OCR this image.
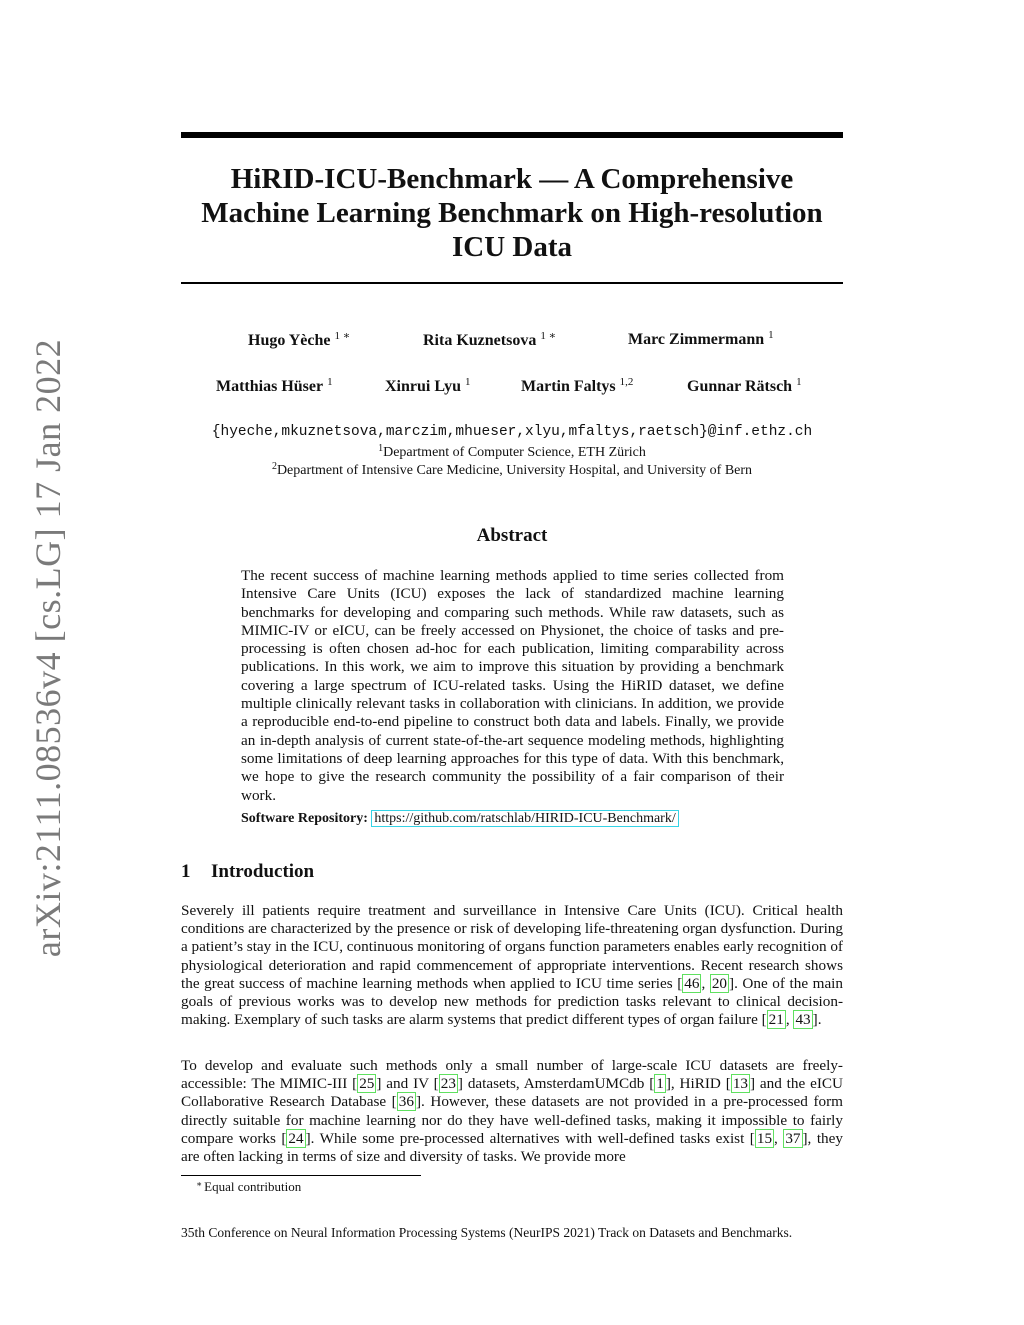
arXiv:2111.08536v4 [cs.LG] 17 Jan 2022
HiRID-ICU-Benchmark — A Comprehensive
Machine Learning Benchmark on High-resolution
ICU Data
Hugo Yèche $^{1 ∗}$	Rita Kuznetsova $^{1 ∗}$	Marc Zimmermann $^1$
Matthias Hüser $^1$	Xinrui Lyu $^1$	Martin Faltys $^{1,2}$	Gunnar Rätsch $^1$
{hyeche,mkuznetsova,marczim,mhueser,xlyu,mfaltys,raetsch}@inf.ethz.ch
$^1$Department of Computer Science, ETH Zürich
$^2$Department of Intensive Care Medicine, University Hospital, and University of Bern
Abstract
The recent success of machine learning methods applied to time series collected from Intensive Care Units (ICU) exposes the lack of standardized machine learning benchmarks for developing and comparing such methods. While raw datasets, such as MIMIC-IV or eICU, can be freely accessed on Physionet, the choice of tasks and pre-processing is often chosen ad-hoc for each publication, limiting comparability across publications. In this work, we aim to improve this situation by providing a benchmark covering a large spectrum of ICU-related tasks. Using the HiRID dataset, we define multiple clinically relevant tasks in collaboration with clinicians. In addition, we provide a reproducible end-to-end pipeline to construct both data and labels. Finally, we provide an in-depth analysis of current state-of-the-art sequence modeling methods, highlighting some limitations of deep learning approaches for this type of data. With this benchmark, we hope to give the research community the possibility of a fair comparison of their work.
Software Repository: https://github.com/ratschlab/HIRID-ICU-Benchmark/
1 Introduction
Severely ill patients require treatment and surveillance in Intensive Care Units (ICU). Critical health conditions are characterized by the presence or risk of developing life-threatening organ dysfunction. During a patient’s stay in the ICU, continuous monitoring of organs function parameters enables early recognition of physiological deterioration and rapid commencement of appropriate interventions. Recent research shows the great success of machine learning methods when applied to ICU time series [ 46 , 20 ]. One of the main goals of previous works was to develop new methods for prediction tasks relevant to clinical decision-making. Exemplary of such tasks are alarm systems that predict different types of organ failure [ 21 , 43 ].
To develop and evaluate such methods only a small number of large-scale ICU datasets are freely-accessible: The MIMIC-III [ 25 ] and IV [ 23 ] datasets, AmsterdamUMCdb [ 1 ], HiRID [ 13 ] and the eICU Collaborative Research Database [ 36 ]. However, these datasets are not provided in a pre-processed form directly suitable for machine learning nor do they have well-defined tasks, making it impossible to fairly compare works [ 24 ]. While some pre-processed alternatives with well-defined tasks exist [ 15 , 37 ], they are often lacking in terms of size and diversity of tasks. We provide more
∗ Equal contribution
35th Conference on Neural Information Processing Systems (NeurIPS 2021) Track on Datasets and Benchmarks.
